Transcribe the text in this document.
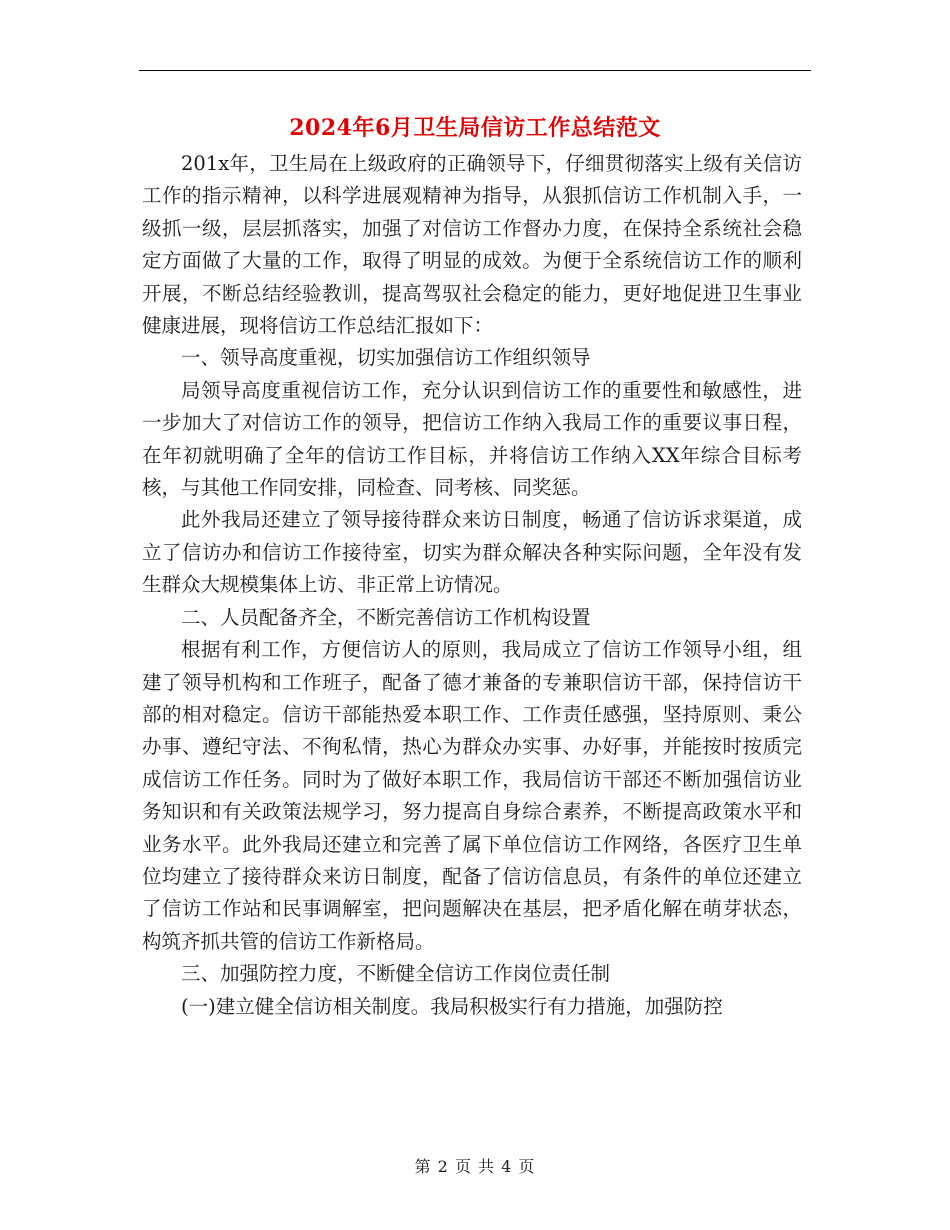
2024年6月卫生局信访工作总结范文

201x年，卫生局在上级政府的正确领导下，仔细贯彻落实上级有关信访工作的指示精神，以科学进展观精神为指导，从狠抓信访工作机制入手，一级抓一级，层层抓落实，加强了对信访工作督办力度，在保持全系统社会稳定方面做了大量的工作，取得了明显的成效。为便于全系统信访工作的顺利开展，不断总结经验教训，提高驾驭社会稳定的能力，更好地促进卫生事业健康进展，现将信访工作总结汇报如下：

一、领导高度重视，切实加强信访工作组织领导

局领导高度重视信访工作，充分认识到信访工作的重要性和敏感性，进一步加大了对信访工作的领导，把信访工作纳入我局工作的重要议事日程，在年初就明确了全年的信访工作目标，并将信访工作纳入XX年综合目标考核，与其他工作同安排，同检查、同考核、同奖惩。

此外我局还建立了领导接待群众来访日制度，畅通了信访诉求渠道，成立了信访办和信访工作接待室，切实为群众解决各种实际问题，全年没有发生群众大规模集体上访、非正常上访情况。

二、人员配备齐全，不断完善信访工作机构设置

根据有利工作，方便信访人的原则，我局成立了信访工作领导小组，组建了领导机构和工作班子，配备了德才兼备的专兼职信访干部，保持信访干部的相对稳定。信访干部能热爱本职工作、工作责任感强，坚持原则、秉公办事、遵纪守法、不徇私情，热心为群众办实事、办好事，并能按时按质完成信访工作任务。同时为了做好本职工作，我局信访干部还不断加强信访业务知识和有关政策法规学习，努力提高自身综合素养，不断提高政策水平和业务水平。此外我局还建立和完善了属下单位信访工作网络，各医疗卫生单位均建立了接待群众来访日制度，配备了信访信息员，有条件的单位还建立了信访工作站和民事调解室，把问题解决在基层，把矛盾化解在萌芽状态，构筑齐抓共管的信访工作新格局。

三、加强防控力度，不断健全信访工作岗位责任制

(一)建立健全信访相关制度。我局积极实行有力措施，加强防控

第 2 页 共 4 页
